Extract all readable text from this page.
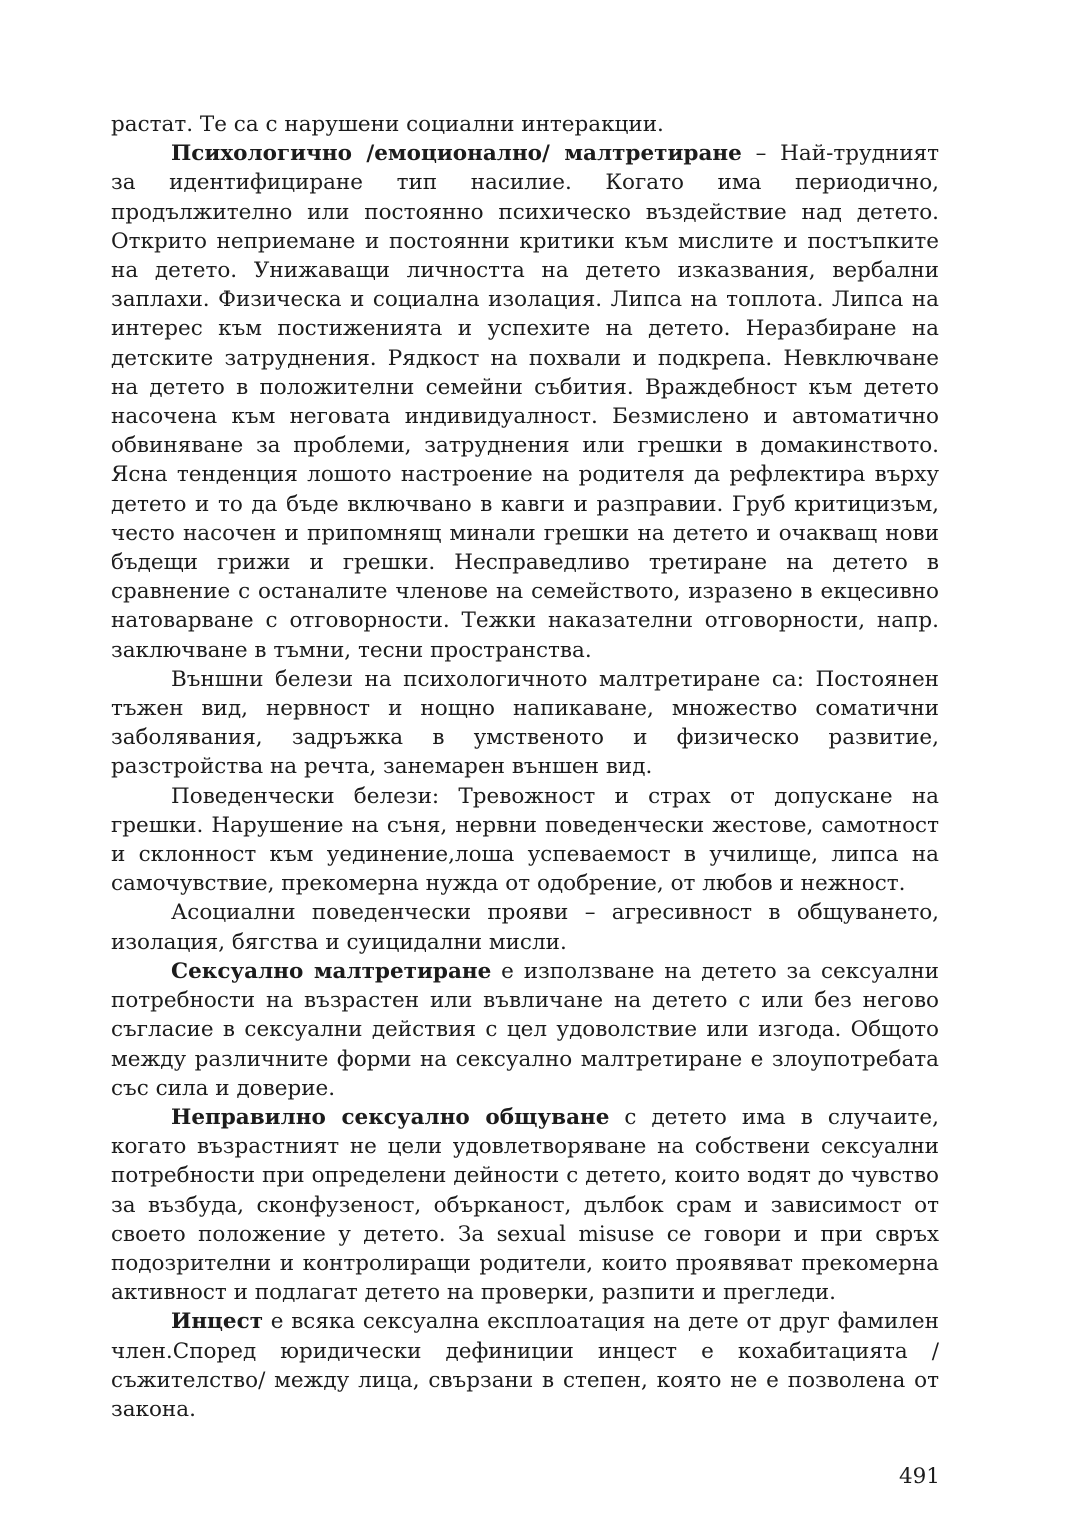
растат. Те са с нарушени социални интеракции.

Психологично /емоционално/ малтретиране – Най-трудният за идентифициране тип насилие. Когато има периодично, продължително или постоянно психическо въздействие над детето. Открито неприемане и постоянни критики към мислите и постъпките на детето. Унижаващи личността на детето изказвания, вербални заплахи. Физическа и социална изолация. Липса на топлота. Липса на интерес към постиженията и успехите на детето. Неразбиране на детските затруднения. Рядкост на похвали и подкрепа. Невключване на детето в положителни семейни събития. Враждебност към детето насочена към неговата индивидуалност. Безмислено и автоматично обвиняване за проблеми, затруднения или грешки в домакинството. Ясна тенденция лошото настроение на родителя да рефлектира върху детето и то да бъде включвано в кавги и разправии. Груб критицизъм, често насочен и припомнящ минали грешки на детето и очакващ нови бъдещи грижи и грешки. Несправедливо третиране на детето в сравнение с останалите членове на семейството, изразено в екцесивно натоварване с отговорности. Тежки наказателни отговорности, напр. заключване в тъмни, тесни пространства.

Външни белези на психологичното малтретиране са: Постоянен тъжен вид, нервност и нощно напикаване, множество соматични заболявания, задръжка в умственото и физическо развитие, разстройства на речта, занемарен външен вид.

Поведенчески белези: Тревожност и страх от допускане на грешки. Нарушение на съня, нервни поведенчески жестове, самотност и склонност към уединение,лоша успеваемост в училище, липса на самочувствие, прекомерна нужда от одобрение, от любов и нежност.

Асоциални поведенчески прояви – агресивност в общуването, изолация, бягства и суицидални мисли.

Сексуално малтретиране е използване на детето за сексуални потребности на възрастен или въвличане на детето с или без негово съгласие в сексуални действия с цел удоволствие или изгода. Общото между различните форми на сексуално малтретиране е злоупотребата със сила и доверие.

Неправилно сексуално общуване с детето има в случаите, когато възрастният не цели удовлетворяване на собствени сексуални потребности при определени дейности с детето, които водят до чувство за възбуда, сконфузеност, объркaност, дълбок срам и зависимост от своето положение у детето. За sexual misuse се говори и при свръх подозрителни и контролиращи родители, които проявяват прекомерна активност и подлагат детето на проверки, разпити и прегледи.

Инцест е всяка сексуална експлоатация на дете от друг фамилен член.Според юридически дефиниции инцест е кохабитацията /съжителство/ между лица, свързани в степен, която не е позволена от закона.

491
